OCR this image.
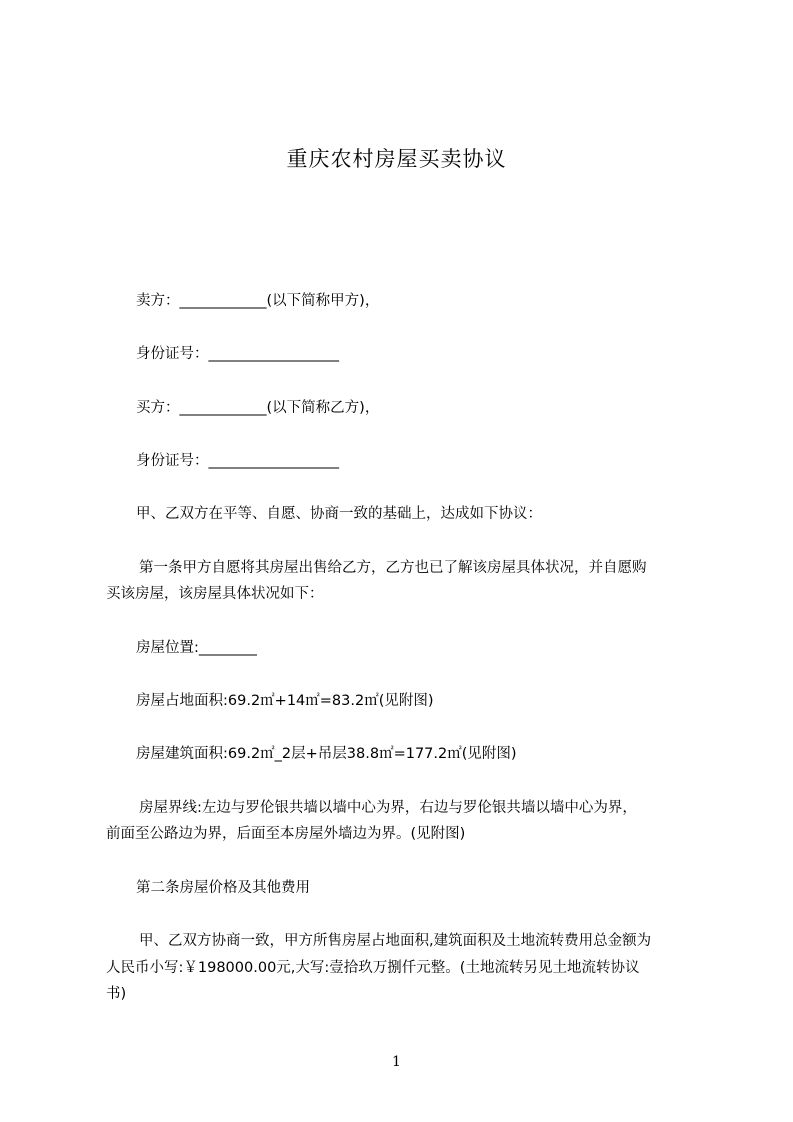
重庆农村房屋买卖协议
卖方：____________(以下简称甲方)，
身份证号：__________________
买方：____________(以下简称乙方)，
身份证号：__________________
甲、乙双方在平等、自愿、协商一致的基础上，达成如下协议：
第一条甲方自愿将其房屋出售给乙方，乙方也已了解该房屋具体状况，并自愿购
买该房屋，该房屋具体状况如下：
房屋位置:________
房屋占地面积:69.2㎡+14㎡=83.2㎡(见附图)
房屋建筑面积:69.2㎡_2层+吊层38.8㎡=177.2㎡(见附图)
房屋界线:左边与罗伦银共墙以墙中心为界，右边与罗伦银共墙以墙中心为界，
前面至公路边为界，后面至本房屋外墙边为界。(见附图)
第二条房屋价格及其他费用
甲、乙双方协商一致，甲方所售房屋占地面积,建筑面积及土地流转费用总金额为
人民币小写:￥198000.00元,大写:壹拾玖万捌仟元整。(土地流转另见土地流转协议
书)
1
